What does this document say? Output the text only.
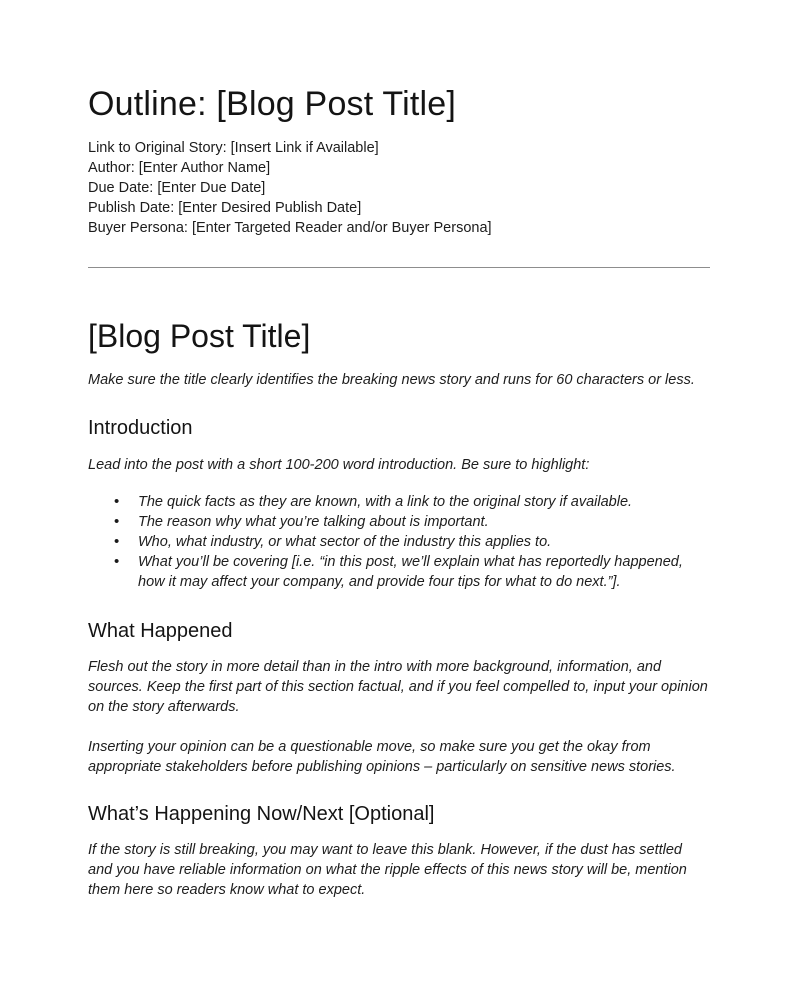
Outline: [Blog Post Title]
Link to Original Story: [Insert Link if Available]
Author: [Enter Author Name]
Due Date: [Enter Due Date]
Publish Date: [Enter Desired Publish Date]
Buyer Persona: [Enter Targeted Reader and/or Buyer Persona]
[Blog Post Title]

Make sure the title clearly identifies the breaking news story and runs for 60 characters or less.

Introduction

Lead into the post with a short 100-200 word introduction. Be sure to highlight:

• The quick facts as they are known, with a link to the original story if available.
• The reason why what you’re talking about is important.
• Who, what industry, or what sector of the industry this applies to.
• What you’ll be covering [i.e. “in this post, we’ll explain what has reportedly happened, how it may affect your company, and provide four tips for what to do next.”].
What Happened

Flesh out the story in more detail than in the intro with more background, information, and sources. Keep the first part of this section factual, and if you feel compelled to, input your opinion on the story afterwards.

Inserting your opinion can be a questionable move, so make sure you get the okay from appropriate stakeholders before publishing opinions – particularly on sensitive news stories.

What’s Happening Now/Next [Optional]

If the story is still breaking, you may want to leave this blank. However, if the dust has settled and you have reliable information on what the ripple effects of this news story will be, mention them here so readers know what to expect.
